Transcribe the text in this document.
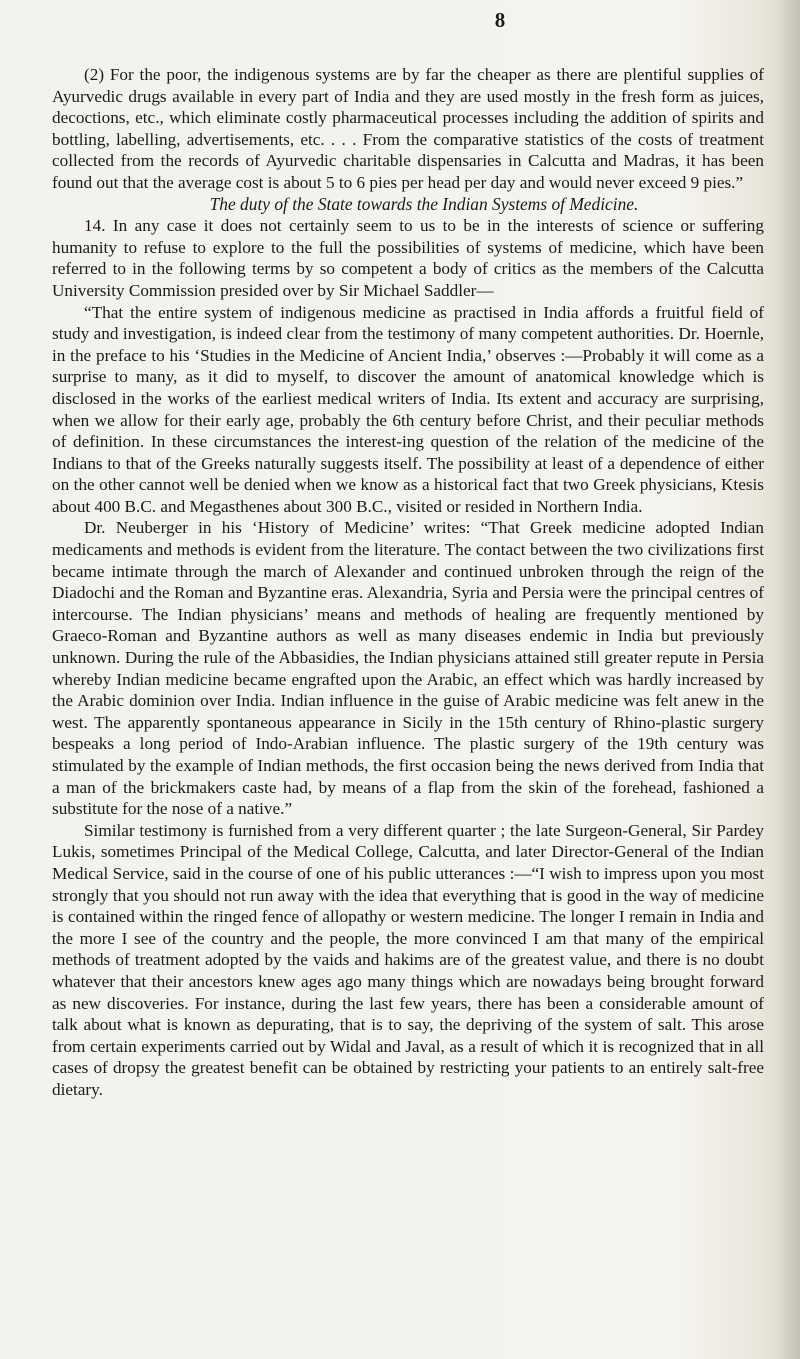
8

(2) For the poor, the indigenous systems are by far the cheaper as there are plentiful supplies of Ayurvedic drugs available in every part of India and they are used mostly in the fresh form as juices, decoctions, etc., which eliminate costly pharmaceutical processes including the addition of spirits and bottling, labelling, advertisements, etc. . . . From the comparative statistics of the costs of treatment collected from the records of Ayurvedic charitable dispensaries in Calcutta and Madras, it has been found out that the average cost is about 5 to 6 pies per head per day and would never exceed 9 pies.”

The duty of the State towards the Indian Systems of Medicine.

14. In any case it does not certainly seem to us to be in the interests of science or suffering humanity to refuse to explore to the full the possibilities of systems of medicine, which have been referred to in the following terms by so competent a body of critics as the members of the Calcutta University Commission presided over by Sir Michael Saddler—

“That the entire system of indigenous medicine as practised in India affords a fruitful field of study and investigation, is indeed clear from the testimony of many competent authorities. Dr. Hoernle, in the preface to his ‘Studies in the Medicine of Ancient India,’ observes :—Probably it will come as a surprise to many, as it did to myself, to discover the amount of anatomical knowledge which is disclosed in the works of the earliest medical writers of India. Its extent and accuracy are surprising, when we allow for their early age, probably the 6th century before Christ, and their peculiar methods of definition. In these circumstances the interest-ing question of the relation of the medicine of the Indians to that of the Greeks naturally suggests itself. The possibility at least of a dependence of either on the other cannot well be denied when we know as a historical fact that two Greek physicians, Ktesis about 400 B.C. and Megasthenes about 300 B.C., visited or resided in Northern India.

Dr. Neuberger in his ‘History of Medicine’ writes: “That Greek medicine adopted Indian medicaments and methods is evident from the literature. The contact between the two civilizations first became intimate through the march of Alexander and continued unbroken through the reign of the Diadochi and the Roman and Byzantine eras. Alexandria, Syria and Persia were the principal centres of intercourse. The Indian physicians’ means and methods of healing are frequently mentioned by Graeco-Roman and Byzantine authors as well as many diseases endemic in India but previously unknown. During the rule of the Abbasidies, the Indian physicians attained still greater repute in Persia whereby Indian medicine became engrafted upon the Arabic, an effect which was hardly increased by the Arabic dominion over India. Indian influence in the guise of Arabic medicine was felt anew in the west. The apparently spontaneous appearance in Sicily in the 15th century of Rhino-plastic surgery bespeaks a long period of Indo-Arabian influence. The plastic surgery of the 19th century was stimulated by the example of Indian methods, the first occasion being the news derived from India that a man of the brickmakers caste had, by means of a flap from the skin of the forehead, fashioned a substitute for the nose of a native.”

Similar testimony is furnished from a very different quarter ; the late Surgeon-General, Sir Pardey Lukis, sometimes Principal of the Medical College, Calcutta, and later Director-General of the Indian Medical Service, said in the course of one of his public utterances :—“I wish to impress upon you most strongly that you should not run away with the idea that everything that is good in the way of medicine is contained within the ringed fence of allopathy or western medicine. The longer I remain in India and the more I see of the country and the people, the more convinced I am that many of the empirical methods of treatment adopted by the vaids and hakims are of the greatest value, and there is no doubt whatever that their ancestors knew ages ago many things which are nowadays being brought forward as new discoveries. For instance, during the last few years, there has been a considerable amount of talk about what is known as depurating, that is to say, the depriving of the system of salt. This arose from certain experiments carried out by Widal and Javal, as a result of which it is recognized that in all cases of dropsy the greatest benefit can be obtained by restricting your patients to an entirely salt-free dietary.
